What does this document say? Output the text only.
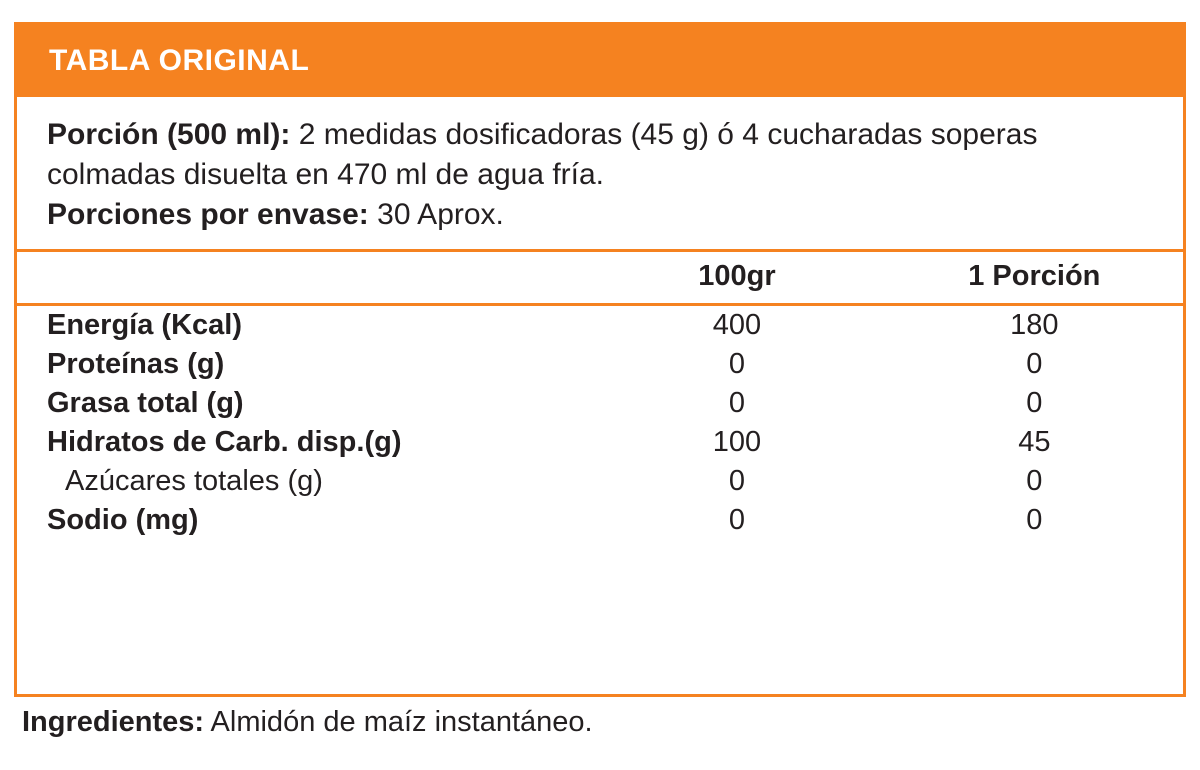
TABLA ORIGINAL
Porción (500 ml): 2 medidas dosificadoras (45 g) ó 4 cucharadas soperas colmadas disuelta en 470 ml de agua fría.
Porciones por envase: 30 Aprox.
	100gr	1 Porción
Energía (Kcal)	400	180
Proteínas (g)	0	0
Grasa total (g)	0	0
Hidratos de Carb. disp.(g)	100	45
Azúcares totales (g)	0	0
Sodio (mg)	0	0
Ingredientes: Almidón de maíz instantáneo.
